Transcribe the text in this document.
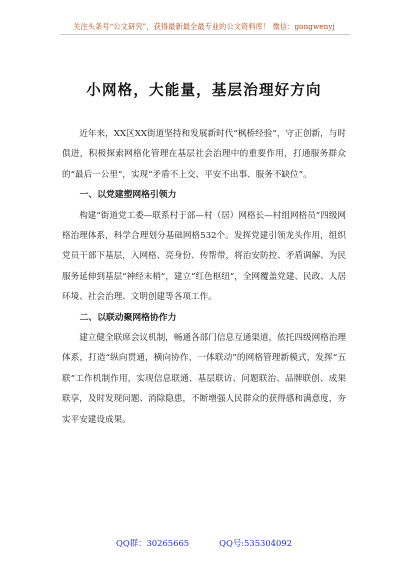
关注头条号“公文研究”，获得最新最全最专业的公文资料库！ 微信：gongwenyj
小网格，大能量，基层治理好方向

近年来，XX区XX街道坚持和发展新时代“枫桥经验”，守正创新，与时俱进，积极探索网格化管理在基层社会治理中的重要作用，打通服务群众的“最后一公里”，实现“矛盾不上交、平安不出事、服务不缺位”。

一、以党建塑网格引领力

构建“街道党工委—联系村于部—村（居）网格长—村组网格员”四级网格治理体系，科学合理划分基础网格532个。发挥党建引领龙头作用，组织党员干部下基层，入网格、亮身份、传帮带，将治安防控、矛盾调解、为民服务延伸到基层“神经末梢”，建立“红色枢纽”，全网覆盖党建、民政、人居环境、社会治理、文明创建等各项工作。

二、以联动聚网格协作力

建立健全联席会议机制，畅通各部门信息互通渠道，依托四级网格治理体系，打造“纵向贯通，横向协作，一体联动”的网格管理新模式，发挥“五联”工作机制作用，实现信息联通、基层联访、问题联治、品牌联创、成果联享，及时发现问题、消除隐患，不断增强人民群众的获得感和满意度，夯实平安建设成果。

QQ群：30265665	QQ号:535304092
